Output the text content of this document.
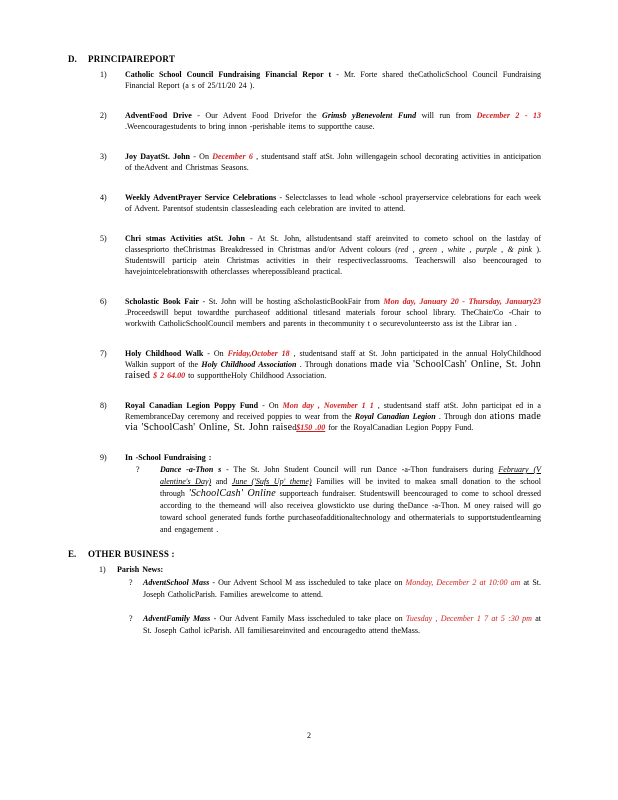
D.	PRINCIPAIREPORT
1)	Catholic School Council Fundraising Financial Repor t - Mr. Forte shared theCatholicSchool Council Fundraising Financial Report (a s of 25/11/20 24 ).
2)	AdventFood Drive - Our Advent Food Drivefor the Grimsb yBenevolent Fund will run from December 2 - 13 .Weencouragestudents to bring innon -perishable items to supportthe cause.
3)	Joy DayatSt. John - On December 6 , studentsand staff atSt. John willengagein school decorating activities in anticipation of theAdvent and Christmas Seasons.
4)	Weekly AdventPrayer Service Celebrations - Selectclasses to lead whole -school prayerservice celebrations for each week of Advent. Parentsof studentsin classesleading each celebration are invited to attend.
5)	Chri stmas Activities atSt. John - At St. John, allstudentsand staff areinvited to cometo school on the lastday of classespriorto theChristmas Breakdressed in Christmas and/or Advent colours (red , green , white , purple , & pink ). Studentswill particip atein Christmas activities in their respectiveclassrooms. Teacherswill also beencouraged to havejointcelebrationswith otherclasses wherepossibleand practical.
6)	Scholastic Book Fair - St. John will be hosting aScholasticBookFair from Mon day, January 20 - Thursday, January23 .Proceedswill beput towardthe purchaseof additional titlesand materials forour school library. TheChair/Co -Chair to workwith CatholicSchoolCouncil members and parents in thecommunity t o securevolunteersto ass ist the Librar ian .
7)	Holy Childhood Walk - On Friday,October 18 , studentsand staff at St. John participated in the annual HolyChildhood Walkin support of the Holy Childhood Association . Through donations made via 'SchoolCash' Online, St. John raised $ 2 64.00 to supporttheHoly Childhood Association.
8)	Royal Canadian Legion Poppy Fund - On Mon day , November 1 1 , studentsand staff atSt. John participat ed in a RemembranceDay ceremony and received poppies to wear from the Royal Canadian Legion . Through don ations made via 'SchoolCash' Online, St. John raised$150 .00 for the RoyalCanadian Legion Poppy Fund.
9)	In -School Fundraising :
?	Dance -a-Thon s - The St. John Student Council will run Dance -a-Thon fundraisers during February (V alentine's Day) and June ('Sufs Up' theme) Families will be invited to makea small donation to the school through 'SchoolCash' Online supporteach fundraiser. Studentswill beencouraged to come to school dressed according to the themeand will also receivea glowstickto use during theDance -a-Thon. M oney raised will go toward school generated funds forthe purchaseofadditionaltechnology and othermaterials to supportstudentlearning and engagement .
E.	OTHER BUSINESS :
1)	Parish News:
?	AdventSchool Mass - Our Advent School M ass isscheduled to take place on Monday, December 2 at 10:00 am at St. Joseph CatholicParish. Families arewelcome to attend.
?	AdventFamily Mass - Our Advent Family Mass isscheduled to take place on Tuesday , December 1 7 at 5 :30 pm at St. Joseph Cathol icParish. All familiesareinvited and encouragedto attend theMass.
2
